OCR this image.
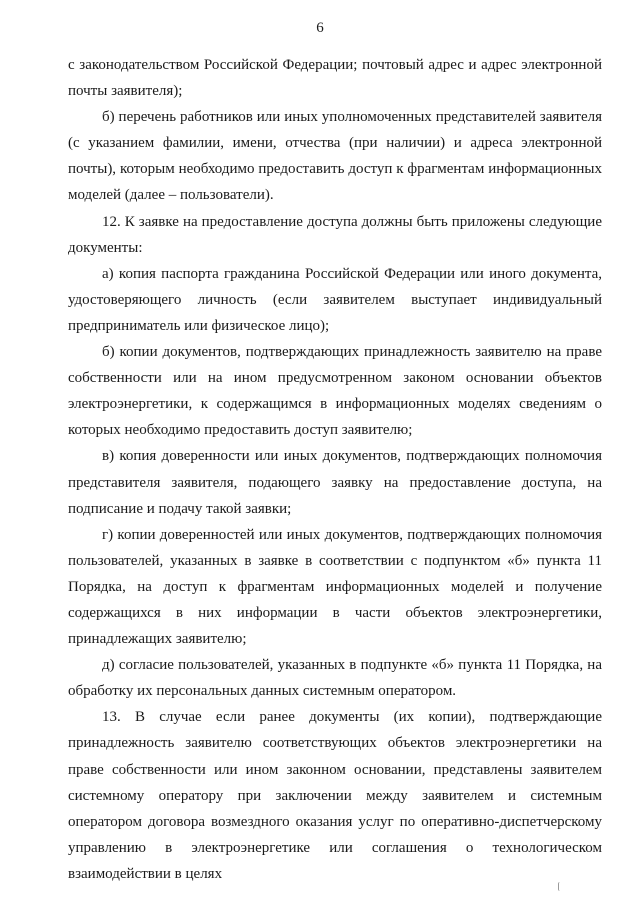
6

с законодательством Российской Федерации; почтовый адрес и адрес электронной почты заявителя);

б) перечень работников или иных уполномоченных представителей заявителя (с указанием фамилии, имени, отчества (при наличии) и адреса электронной почты), которым необходимо предоставить доступ к фрагментам информационных моделей (далее – пользователи).

12. К заявке на предоставление доступа должны быть приложены следующие документы:

а) копия паспорта гражданина Российской Федерации или иного документа, удостоверяющего личность (если заявителем выступает индивидуальный предприниматель или физическое лицо);

б) копии документов, подтверждающих принадлежность заявителю на праве собственности или на ином предусмотренном законом основании объектов электроэнергетики, к содержащимся в информационных моделях сведениям о которых необходимо предоставить доступ заявителю;

в) копия доверенности или иных документов, подтверждающих полномочия представителя заявителя, подающего заявку на предоставление доступа, на подписание и подачу такой заявки;

г) копии доверенностей или иных документов, подтверждающих полномочия пользователей, указанных в заявке в соответствии с подпунктом «б» пункта 11 Порядка, на доступ к фрагментам информационных моделей и получение содержащихся в них информации в части объектов электроэнергетики, принадлежащих заявителю;

д) согласие пользователей, указанных в подпункте «б» пункта 11 Порядка, на обработку их персональных данных системным оператором.

13. В случае если ранее документы (их копии), подтверждающие принадлежность заявителю соответствующих объектов электроэнергетики на праве собственности или ином законном основании, представлены заявителем системному оператору при заключении между заявителем и системным оператором договора возмездного оказания услуг по оперативно-диспетчерскому управлению в электроэнергетике или соглашения о технологическом взаимодействии в целях
